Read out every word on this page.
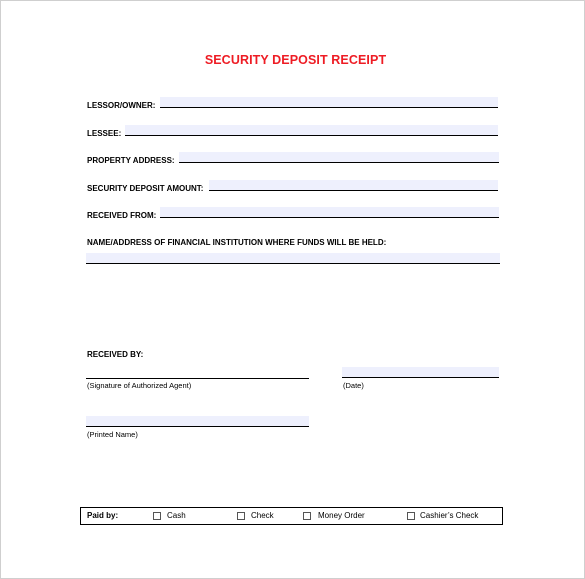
SECURITY DEPOSIT RECEIPT
LESSOR/OWNER:
LESSEE:
PROPERTY ADDRESS:
SECURITY DEPOSIT AMOUNT:
RECEIVED FROM:
NAME/ADDRESS OF FINANCIAL INSTITUTION WHERE FUNDS WILL BE HELD:
RECEIVED BY:
(Signature of Authorized Agent)	(Date)
(Printed Name)
Paid by:	Cash	Check	Money Order	Cashier’s Check
